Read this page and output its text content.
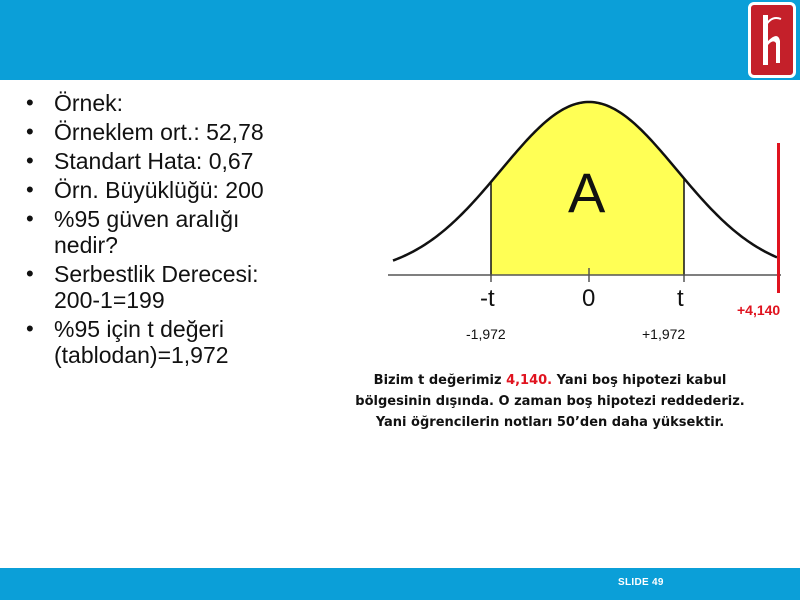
• Örnek:
• Örneklem ort.: 52,78
• Standart Hata: 0,67
• Örn. Büyüklüğü: 200
• %95 güven aralığı nedir?
• Serbestlik Derecesi: 200-1=199
• %95 için t değeri (tablodan)=1,972
A
-t	0	t	+4,140
-1,972	+1,972
Bizim t değerimiz 4,140. Yani boş hipotezi kabul bölgesinin dışında. O zaman boş hipotezi reddederiz. Yani öğrencilerin notları 50’den daha yüksektir.
SLIDE 49
